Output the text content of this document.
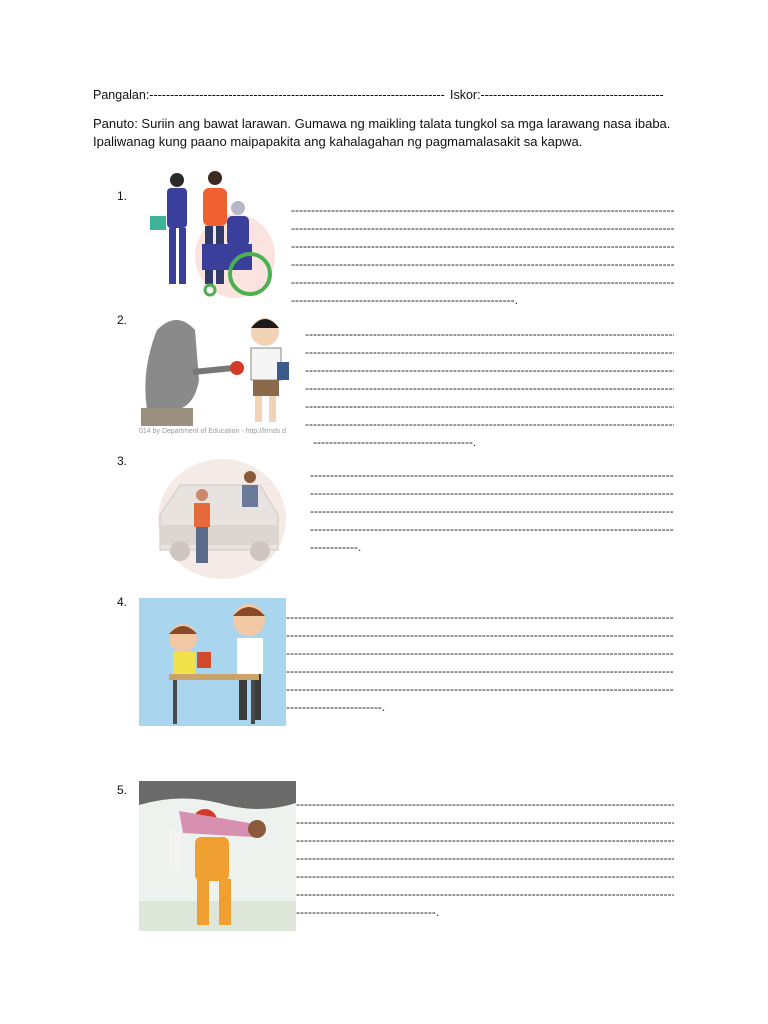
Pangalan:----------------------------------------------------------------------- Iskor:--------------------------------------------
Panuto: Suriin ang bawat larawan. Gumawa ng maikling talata tungkol sa mga larawang nasa ibaba.
Ipaliwanag kung paano maipapakita ang kahalagahan ng pagmamalasakit sa kapwa.
1.
-----
-----
-----
-----
-----
--------------------------------------------------------.
2.
014 by Department of Education - http://lrmds.d
-----
-----
-----
-----
-----
-----
----------------------------------------.
3.
-----
-----
-----
-----
------------.
4.
-----
-----
-----
-----
-----
------------------------.
5.
-----
-----
-----
-----
-----
-----
-----------------------------------.
